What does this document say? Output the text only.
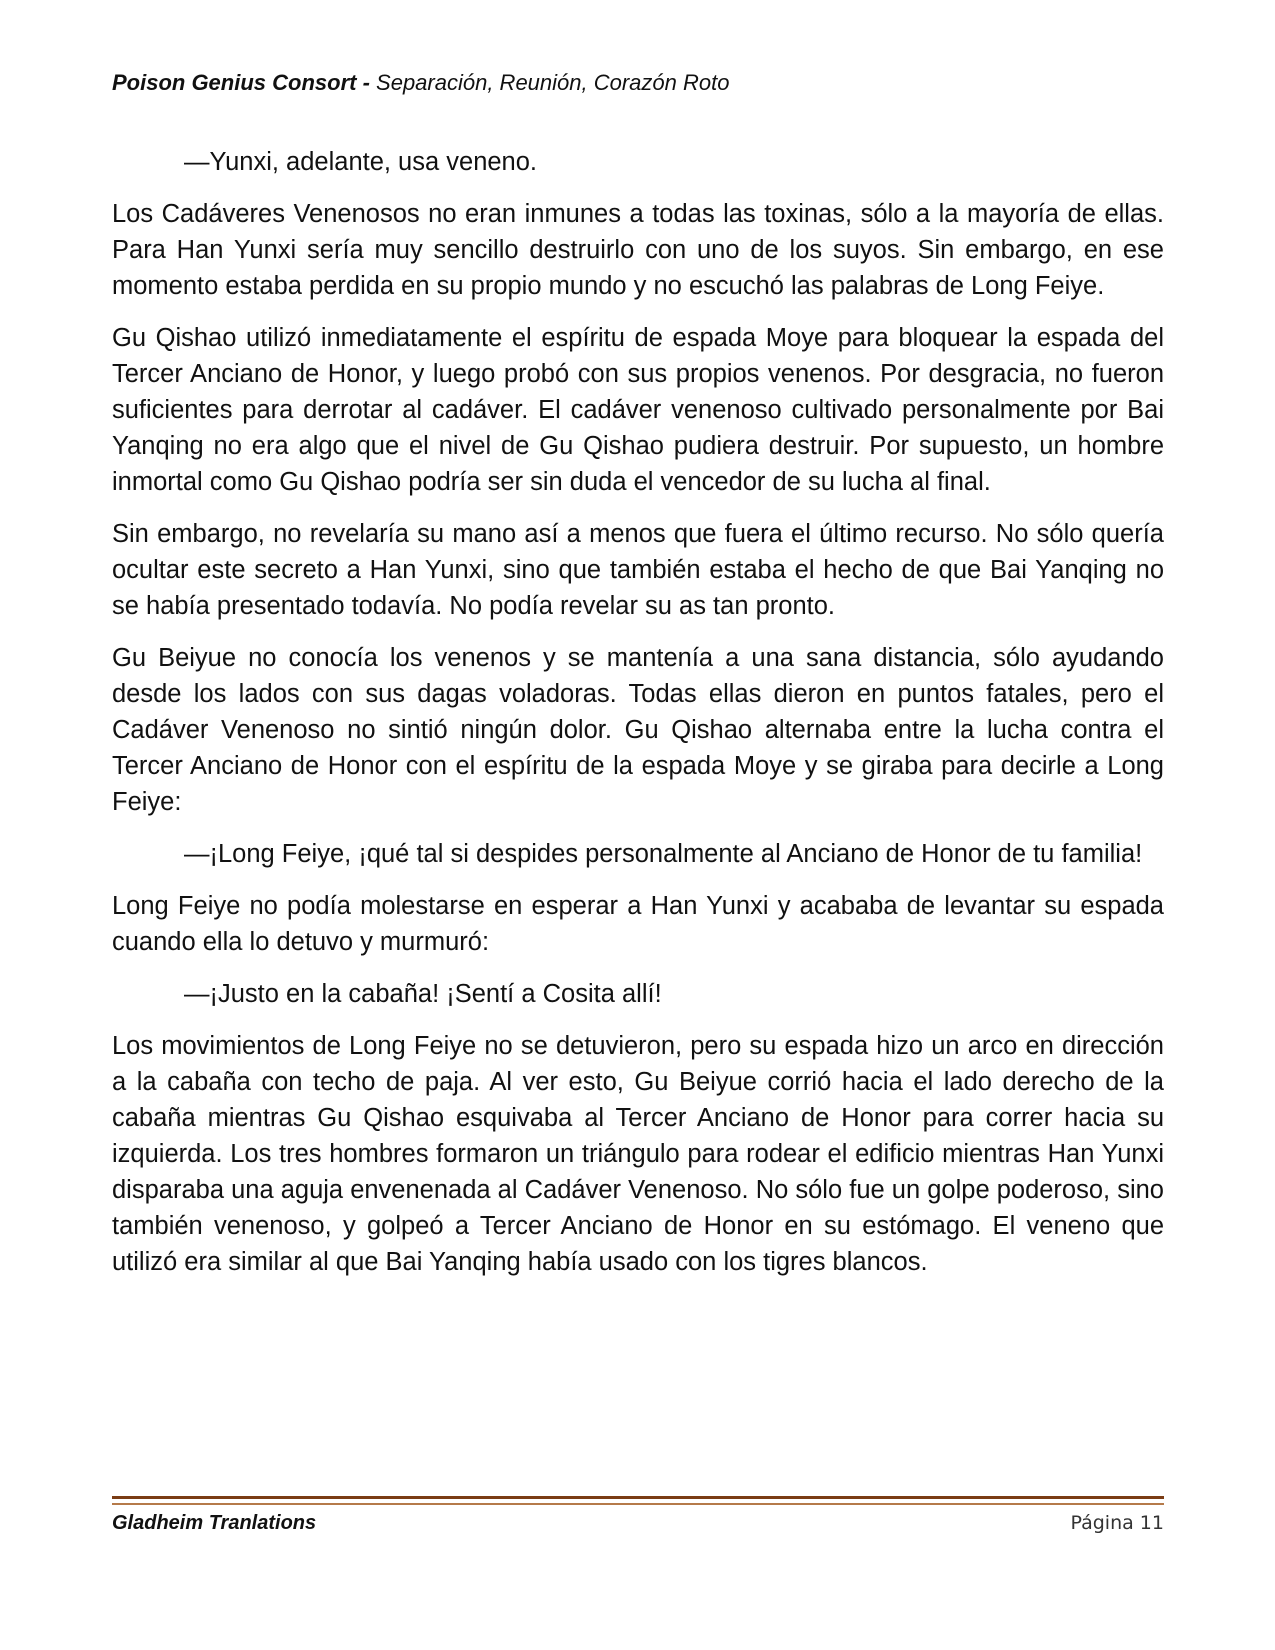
Poison Genius Consort - Separación, Reunión, Corazón Roto

—Yunxi, adelante, usa veneno.

Los Cadáveres Venenosos no eran inmunes a todas las toxinas, sólo a la mayoría de ellas. Para Han Yunxi sería muy sencillo destruirlo con uno de los suyos. Sin embargo, en ese momento estaba perdida en su propio mundo y no escuchó las palabras de Long Feiye.

Gu Qishao utilizó inmediatamente el espíritu de espada Moye para bloquear la espada del Tercer Anciano de Honor, y luego probó con sus propios venenos. Por desgracia, no fueron suficientes para derrotar al cadáver. El cadáver venenoso cultivado personalmente por Bai Yanqing no era algo que el nivel de Gu Qishao pudiera destruir. Por supuesto, un hombre inmortal como Gu Qishao podría ser sin duda el vencedor de su lucha al final.

Sin embargo, no revelaría su mano así a menos que fuera el último recurso. No sólo quería ocultar este secreto a Han Yunxi, sino que también estaba el hecho de que Bai Yanqing no se había presentado todavía. No podía revelar su as tan pronto.

Gu Beiyue no conocía los venenos y se mantenía a una sana distancia, sólo ayudando desde los lados con sus dagas voladoras. Todas ellas dieron en puntos fatales, pero el Cadáver Venenoso no sintió ningún dolor. Gu Qishao alternaba entre la lucha contra el Tercer Anciano de Honor con el espíritu de la espada Moye y se giraba para decirle a Long Feiye:

—¡Long Feiye, ¡qué tal si despides personalmente al Anciano de Honor de tu familia!

Long Feiye no podía molestarse en esperar a Han Yunxi y acababa de levantar su espada cuando ella lo detuvo y murmuró:

—¡Justo en la cabaña! ¡Sentí a Cosita allí!

Los movimientos de Long Feiye no se detuvieron, pero su espada hizo un arco en dirección a la cabaña con techo de paja. Al ver esto, Gu Beiyue corrió hacia el lado derecho de la cabaña mientras Gu Qishao esquivaba al Tercer Anciano de Honor para correr hacia su izquierda. Los tres hombres formaron un triángulo para rodear el edificio mientras Han Yunxi disparaba una aguja envenenada al Cadáver Venenoso. No sólo fue un golpe poderoso, sino también venenoso, y golpeó a Tercer Anciano de Honor en su estómago. El veneno que utilizó era similar al que Bai Yanqing había usado con los tigres blancos.

Gladheim Tranlations	Página 11
